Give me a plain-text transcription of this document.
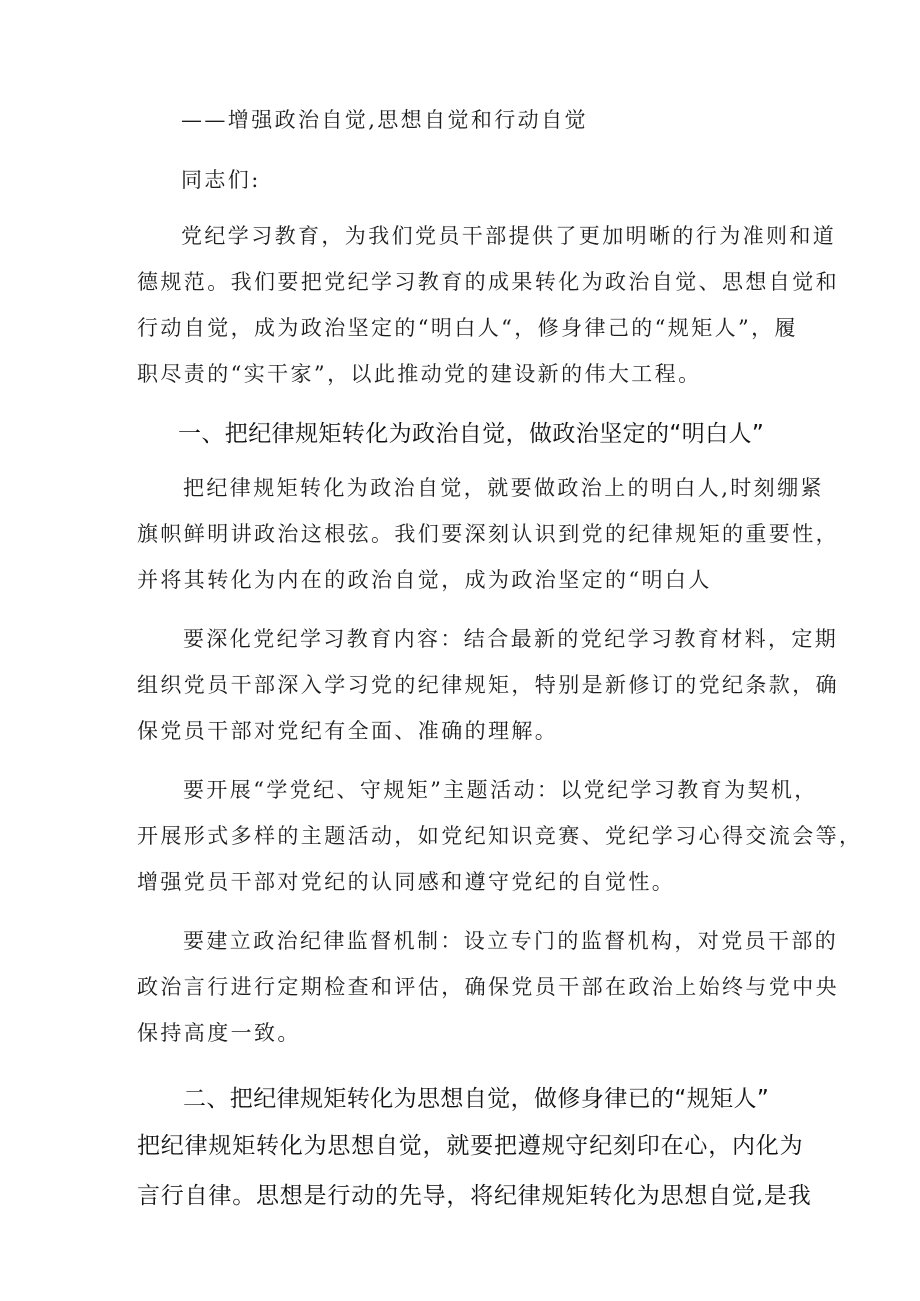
——增强政治自觉,思想自觉和行动自觉
同志们:
党纪学习教育，为我们党员干部提供了更加明晰的行为准则和道
德规范。我们要把党纪学习教育的成果转化为政治自觉、思想自觉和
行动自觉，成为政治坚定的“明白人“，修身律己的“规矩人”，履
职尽责的“实干家”，以此推动党的建设新的伟大工程。
一、把纪律规矩转化为政治自觉，做政治坚定的“明白人”
把纪律规矩转化为政治自觉，就要做政治上的明白人,时刻绷紧
旗帜鲜明讲政治这根弦。我们要深刻认识到党的纪律规矩的重要性，
并将其转化为内在的政治自觉，成为政治坚定的“明白人
要深化党纪学习教育内容：结合最新的党纪学习教育材料，定期
组织党员干部深入学习党的纪律规矩，特别是新修订的党纪条款，确
保党员干部对党纪有全面、准确的理解。
要开展“学党纪、守规矩”主题活动：以党纪学习教育为契机，
开展形式多样的主题活动，如党纪知识竞赛、党纪学习心得交流会等，
增强党员干部对党纪的认同感和遵守党纪的自觉性。
要建立政治纪律监督机制：设立专门的监督机构，对党员干部的
政治言行进行定期检查和评估，确保党员干部在政治上始终与党中央
保持高度一致。
二、把纪律规矩转化为思想自觉，做修身律已的“规矩人”
把纪律规矩转化为思想自觉，就要把遵规守纪刻印在心，内化为
言行自律。思想是行动的先导，将纪律规矩转化为思想自觉,是我
